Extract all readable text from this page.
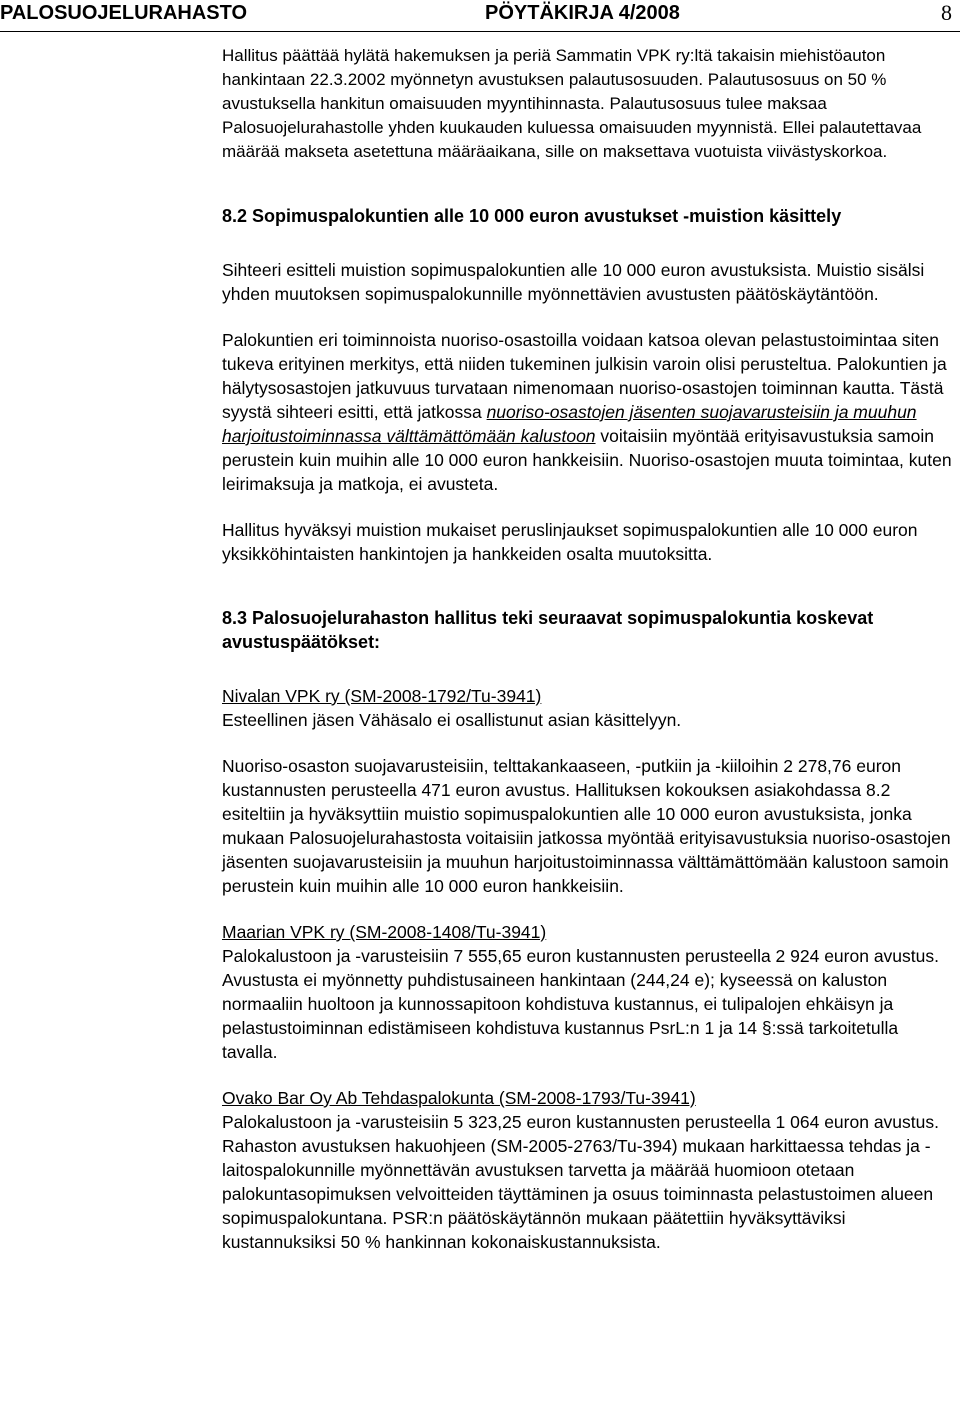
PALOSUOJELURAHASTO	PÖYTÄKIRJA 4/2008	8

Hallitus päättää hylätä hakemuksen ja periä Sammatin VPK ry:ltä takaisin miehistöauton hankintaan 22.3.2002 myönnetyn avustuksen palautusosuuden. Palautusosuus on 50 % avustuksella hankitun omaisuuden myyntihinnasta. Palautusosuus tulee maksaa Palosuojelurahastolle yhden kuukauden kuluessa omaisuuden myynnistä. Ellei palautettavaa määrää makseta asetettuna määräaikana, sille on maksettava vuotuista viivästyskorkoa.

8.2 Sopimuspalokuntien alle 10 000 euron avustukset -muistion käsittely

Sihteeri esitteli muistion sopimuspalokuntien alle 10 000 euron avustuksista. Muistio sisälsi yhden muutoksen sopimuspalokunnille myönnettävien avustusten päätöskäytäntöön.

Palokuntien eri toiminnoista nuoriso-osastoilla voidaan katsoa olevan pelastustoimintaa siten tukeva erityinen merkitys, että niiden tukeminen julkisin varoin olisi perusteltua. Palokuntien ja hälytysosastojen jatkuvuus turvataan nimenomaan nuoriso-osastojen toiminnan kautta. Tästä syystä sihteeri esitti, että jatkossa nuoriso-osastojen jäsenten suojavarusteisiin ja muuhun harjoitustoiminnassa välttämättömään kalustoon voitaisiin myöntää erityisavustuksia samoin perustein kuin muihin alle 10 000 euron hankkeisiin. Nuoriso-osastojen muuta toimintaa, kuten leirimaksuja ja matkoja, ei avusteta.

Hallitus hyväksyi muistion mukaiset peruslinjaukset sopimuspalokuntien alle 10 000 euron yksikköhintaisten hankintojen ja hankkeiden osalta muutoksitta.

8.3 Palosuojelurahaston hallitus teki seuraavat sopimuspalokuntia koskevat avustuspäätökset:

Nivalan VPK ry (SM-2008-1792/Tu-3941)

Esteellinen jäsen Vähäsalo ei osallistunut asian käsittelyyn.

Nuoriso-osaston suojavarusteisiin, telttakankaaseen, -putkiin ja -kiiloihin 2 278,76 euron kustannusten perusteella 471 euron avustus. Hallituksen kokouksen asiakohdassa 8.2 esiteltiin ja hyväksyttiin muistio sopimuspalokuntien alle 10 000 euron avustuksista, jonka mukaan Palosuojelurahastosta voitaisiin jatkossa myöntää erityisavustuksia nuoriso-osastojen jäsenten suojavarusteisiin ja muuhun harjoitustoiminnassa välttämättömään kalustoon samoin perustein kuin muihin alle 10 000 euron hankkeisiin.

Maarian VPK ry (SM-2008-1408/Tu-3941)

Palokalustoon ja -varusteisiin 7 555,65 euron kustannusten perusteella 2 924 euron avustus. Avustusta ei myönnetty puhdistusaineen hankintaan (244,24 e); kyseessä on kaluston normaaliin huoltoon ja kunnossapitoon kohdistuva kustannus, ei tulipalojen ehkäisyn ja pelastustoiminnan edistämiseen kohdistuva kustannus PsrL:n 1 ja 14 §:ssä tarkoitetulla tavalla.

Ovako Bar Oy Ab Tehdaspalokunta (SM-2008-1793/Tu-3941)

Palokalustoon ja -varusteisiin 5 323,25 euron kustannusten perusteella 1 064 euron avustus. Rahaston avustuksen hakuohjeen (SM-2005-2763/Tu-394) mukaan harkittaessa tehdas ja -laitospalokunnille myönnettävän avustuksen tarvetta ja määrää huomioon otetaan palokuntasopimuksen velvoitteiden täyttäminen ja osuus toiminnasta pelastustoimen alueen sopimuspalokuntana. PSR:n päätöskäytännön mukaan päätettiin hyväksyttäviksi kustannuksiksi 50 % hankinnan kokonaiskustannuksista.
